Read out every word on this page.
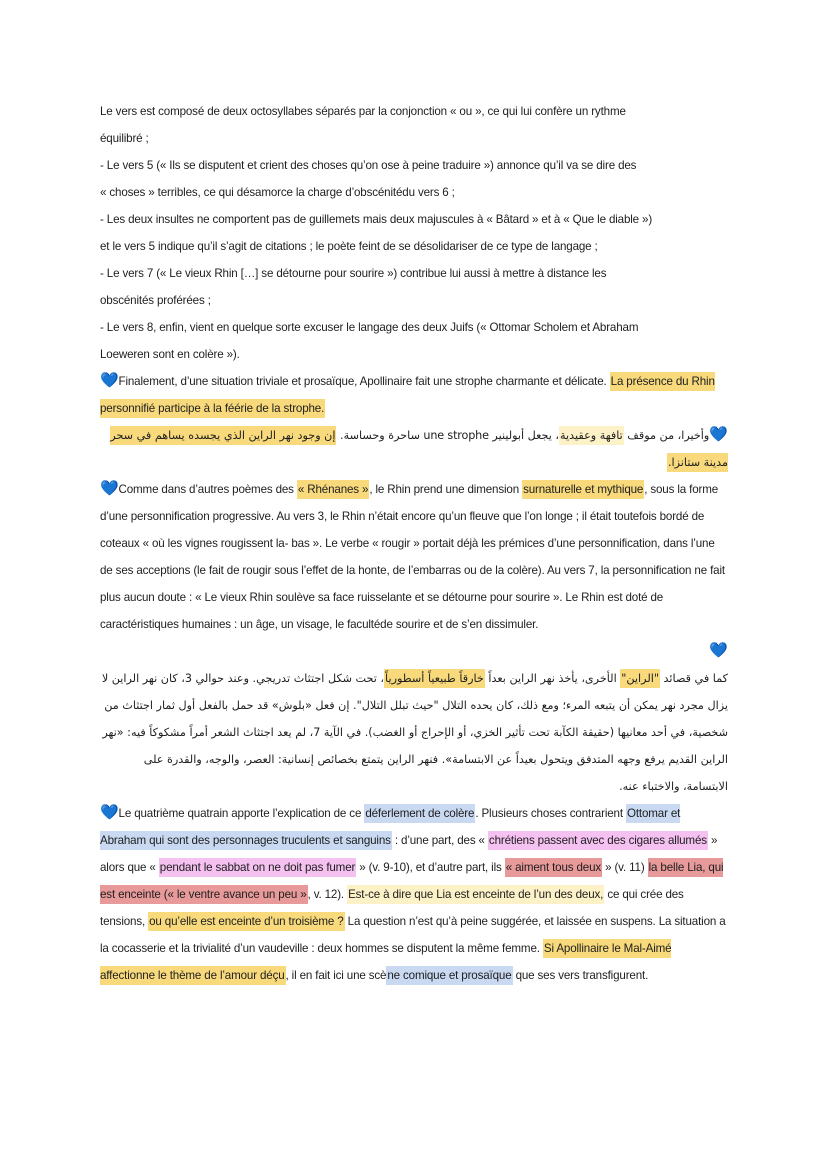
Le vers est composé de deux octosyllabes séparés par la conjonction « ou », ce qui lui confère un rythme
équilibré ;

- Le vers 5 (« Ils se disputent et crient des choses qu’on ose à peine traduire ») annonce qu’il va se dire des
« choses » terribles, ce qui désamorce la charge d’obscénitédu vers 6 ;

- Les deux insultes ne comportent pas de guillemets mais deux majuscules à « Bâtard » et à « Que le diable »)
et le vers 5 indique qu’il s’agit de citations ; le poète feint de se désolidariser de ce type de langage ;

- Le vers 7 (« Le vieux Rhin […] se détourne pour sourire ») contribue lui aussi à mettre à distance les
obscénités proférées ;

- Le vers 8, enfin, vient en quelque sorte excuser le langage des deux Juifs (« Ottomar Scholem et Abraham
Loeweren sont en colère »).

💙Finalement, d’une situation triviale et prosaïque, Apollinaire fait une strophe charmante et délicate. La présence du Rhin personnifié participe à la féérie de la strophe.

💙وأخيرا، من موقف تافهة وعقيدية، يجعل أبولينير une strophe ساحرة وحساسة. إن وجود نهر الراين الذي يجسده يساهم في سحر مدينة ستانزا.

💙Comme dans d’autres poèmes des « Rhénanes », le Rhin prend une dimension surnaturelle et mythique, sous la forme d’une personnification progressive. Au vers 3, le Rhin n’était encore qu’un fleuve que l’on longe ; il était toutefois bordé de coteaux « où les vignes rougissent la- bas ». Le verbe « rougir » portait déjà les prémices d’une personnification, dans l’une de ses acceptions (le fait de rougir sous l’effet de la honte, de l’embarras ou de la colère). Au vers 7, la personnification ne fait plus aucun doute : « Le vieux Rhin soulève sa face ruisselante et se détourne pour sourire ». Le Rhin est doté de caractéristiques humaines : un âge, un visage, le facultéde sourire et de s’en dissimuler.

💙
كما في قصائد "الراين" الأخرى، يأخذ نهر الراين بعداً خارقاً طبيعياً أسطورياً، تحت شكل اجتثاث تدريجي. وعند حوالي 3، كان نهر الراين لا يزال مجرد نهر يمكن أن يتبعه المرء؛ ومع ذلك، كان يحده التلال "حيث تبلل التلال". إن فعل «بلوش» قد حمل بالفعل أول ثمار اجتثاث من شخصية، في أحد معانيها (حقيقة الكآبة تحت تأثير الخزي، أو الإحراج أو الغضب). في الآية 7، لم يعد اجتثاث الشعر أمراً مشكوكاً فيه: «نهر الراين القديم يرفع وجهه المتدفق ويتحول بعيداً عن الابتسامة». فنهر الراين يتمتع بخصائص إنسانية: العصر، والوجه، والقدرة على الابتسامة، والاختباء عنه.

💙Le quatrième quatrain apporte l’explication de ce déferlement de colère. Plusieurs choses contrarient Ottomar et Abraham qui sont des personnages truculents et sanguins : d’une part, des « chrétiens passent avec des cigares allumés » alors que « pendant le sabbat on ne doit pas fumer » (v. 9-10), et d’autre part, ils « aiment tous deux » (v. 11) la belle Lia, qui est enceinte (« le ventre avance un peu », v. 12). Est-ce à dire que Lia est enceinte de l’un des deux, ce qui crée des tensions, ou qu’elle est enceinte d’un troisième ? La question n’est qu’à peine suggérée, et laissée en suspens. La situation a la cocasserie et la trivialité d’un vaudeville : deux hommes se disputent la même femme. Si Apollinaire le Mal-Aimé affectionne le thème de l’amour déçu, il en fait ici une scène comique et prosaïque que ses vers transfigurent.
